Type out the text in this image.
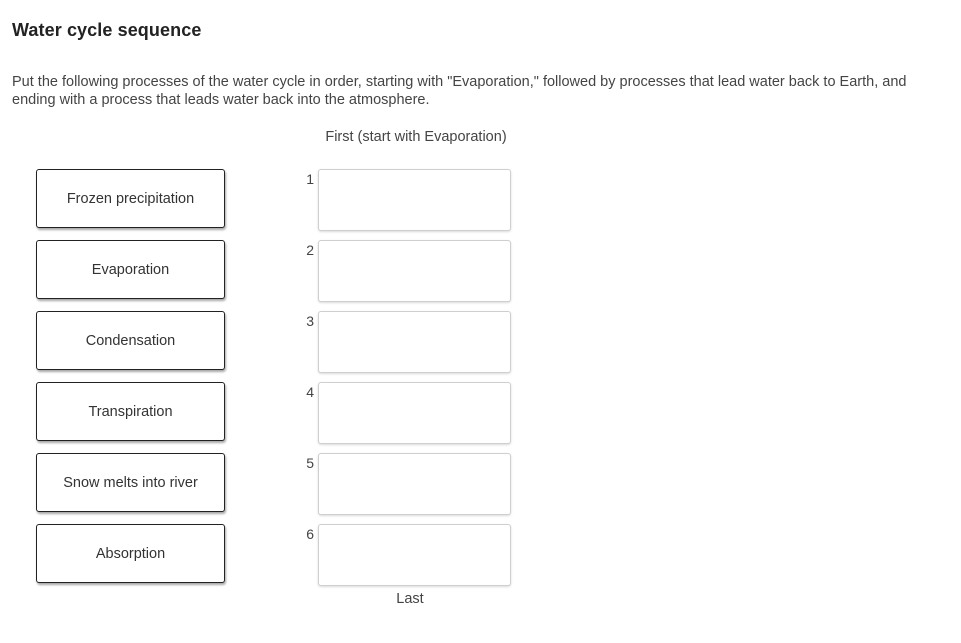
Water cycle sequence
Put the following processes of the water cycle in order, starting with "Evaporation," followed by processes that lead water back to Earth, and ending with a process that leads water back into the atmosphere.
First (start with Evaporation)
Frozen precipitation
Evaporation
Condensation
Transpiration
Snow melts into river
Absorption
1
2
3
4
5
6
Last
